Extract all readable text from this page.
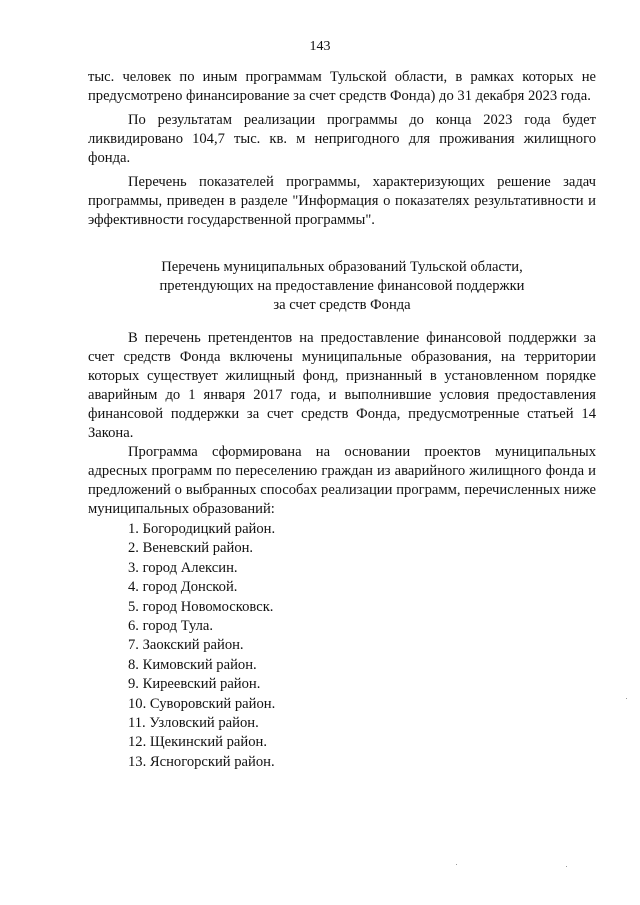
143

тыс. человек по иным программам Тульской области, в рамках которых не предусмотрено финансирование за счет средств Фонда) до 31 декабря 2023 года.

По результатам реализации программы до конца 2023 года будет ликвидировано 104,7 тыс. кв. м непригодного для проживания жилищного фонда.

Перечень показателей программы, характеризующих решение задач программы, приведен в разделе "Информация о показателях результативности и эффективности государственной программы".

Перечень муниципальных образований Тульской области,
претендующих на предоставление финансовой поддержки
за счет средств Фонда

В перечень претендентов на предоставление финансовой поддержки за счет средств Фонда включены муниципальные образования, на территории которых существует жилищный фонд, признанный в установленном порядке аварийным до 1 января 2017 года, и выполнившие условия предоставления финансовой поддержки за счет средств Фонда, предусмотренные статьей 14 Закона.

Программа сформирована на основании проектов муниципальных адресных программ по переселению граждан из аварийного жилищного фонда и предложений о выбранных способах реализации программ, перечисленных ниже муниципальных образований:

1. Богородицкий район.
2. Веневский район.
3. город Алексин.
4. город Донской.
5. город Новомосковск.
6. город Тула.
7. Заокский район.
8. Кимовский район.
9. Киреевский район.
10. Суворовский район.
11. Узловский район.
12. Щекинский район.
13. Ясногорский район.
